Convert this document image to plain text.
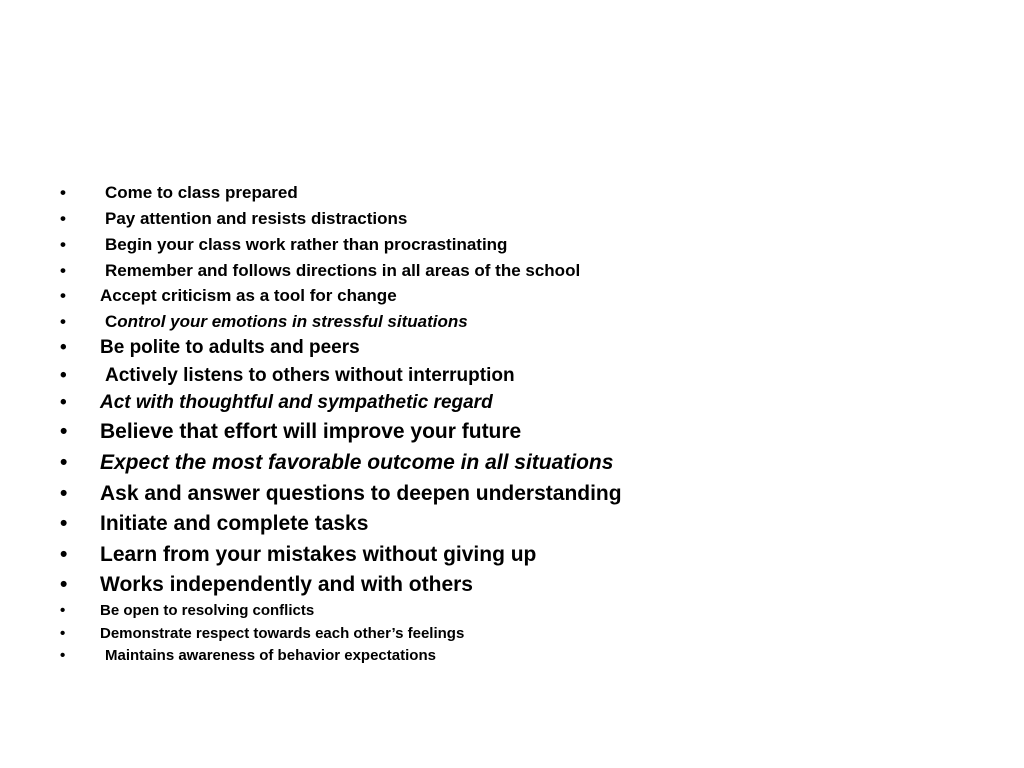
• Come to class prepared
• Pay attention and resists distractions
• Begin your class work rather than procrastinating
• Remember and follows directions in all areas of the school
• Accept criticism as a tool for change
• Control your emotions in stressful situations
• Be polite to adults and peers
• Actively listens to others without interruption
• Act with thoughtful and sympathetic regard
• Believe that effort will improve your future
• Expect the most favorable outcome in all situations
• Ask and answer questions to deepen understanding
• Initiate and complete tasks
• Learn from your mistakes without giving up
• Works independently and with others
• Be open to resolving conflicts
• Demonstrate respect towards each other’s feelings
•	Maintains awareness of behavior expectations
